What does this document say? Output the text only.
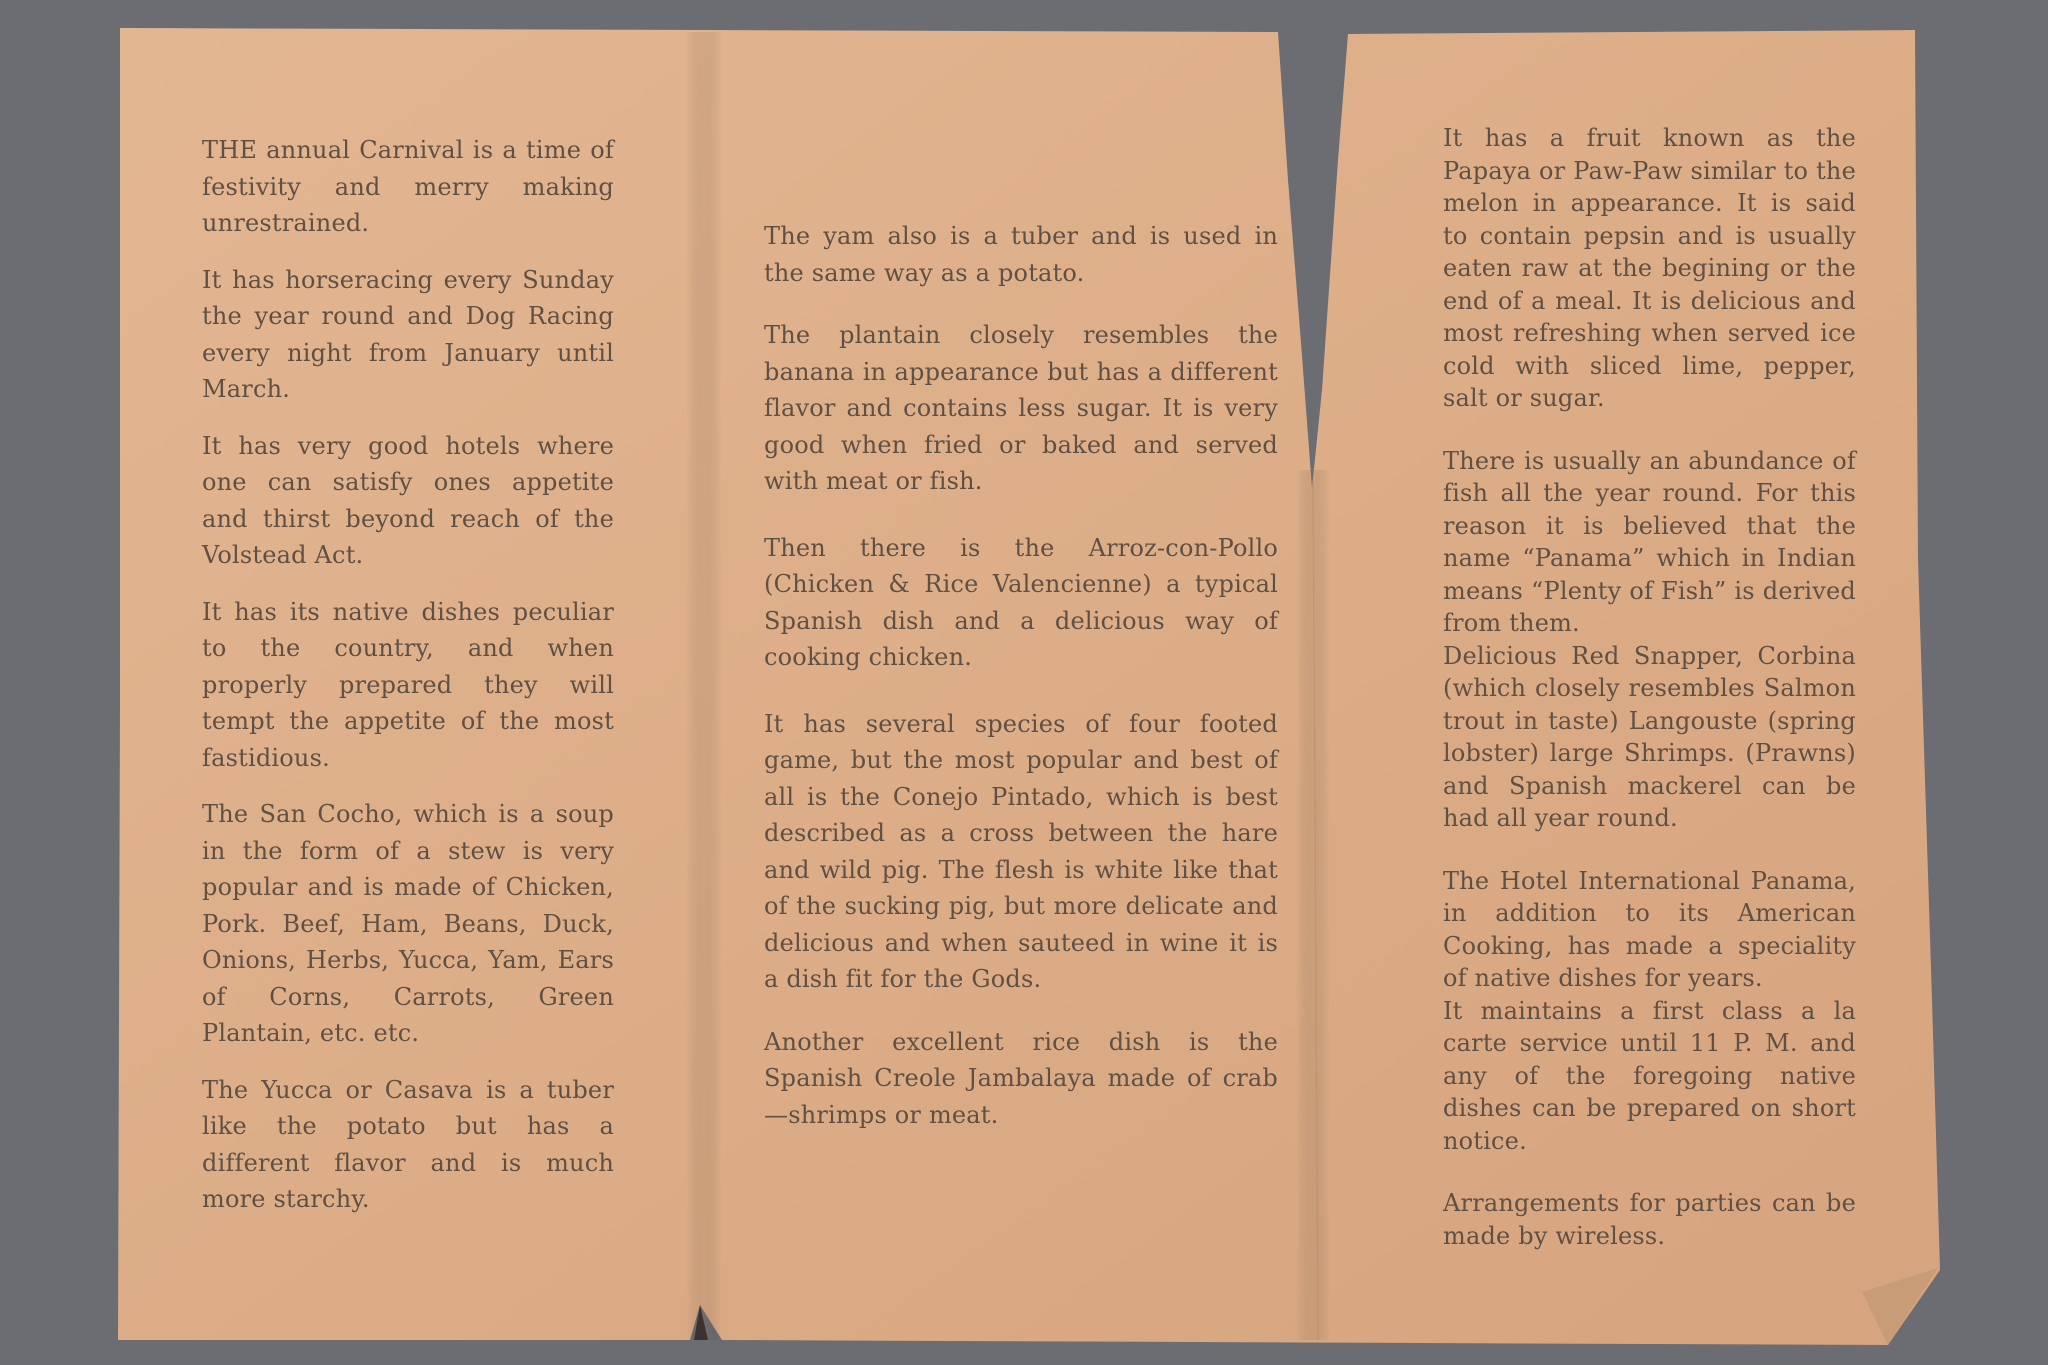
THE annual Carnival is a time of festivity and merry making unrestrained.

It has horseracing every Sunday the year round and Dog Racing every night from January until March.

It has very good hotels where one can satisfy ones appetite and thirst beyond reach of the Volstead Act.

It has its native dishes peculiar to the country, and when properly prepared they will tempt the appetite of the most fastidious.

The San Cocho, which is a soup in the form of a stew is very popular and is made of Chicken, Pork. Beef, Ham, Beans, Duck, Onions, Herbs, Yucca, Yam, Ears of Corns, Carrots, Green Plantain, etc. etc.

The Yucca or Casava is a tuber like the potato but has a different flavor and is much more starchy.

The yam also is a tuber and is used in the same way as a potato.

The plantain closely resembles the banana in appearance but has a different flavor and contains less sugar. It is very good when fried or baked and served with meat or fish.

Then there is the Arroz-con-Pollo (Chicken & Rice Valencienne) a typical Spanish dish and a delicious way of cooking chicken.

It has several species of four footed game, but the most popular and best of all is the Conejo Pintado, which is best described as a cross between the hare and wild pig. The flesh is white like that of the sucking pig, but more delicate and delicious and when sauteed in wine it is a dish fit for the Gods.

Another excellent rice dish is the Spanish Creole Jambalaya made of crab—shrimps or meat.

It has a fruit known as the Papaya or Paw-Paw similar to the melon in appearance. It is said to contain pepsin and is usually eaten raw at the begining or the end of a meal. It is delicious and most refreshing when served ice cold with sliced lime, pepper, salt or sugar.

There is usually an abundance of fish all the year round. For this reason it is believed that the name “Panama” which in Indian means “Plenty of Fish” is derived from them.

Delicious Red Snapper, Corbina (which closely resembles Salmon trout in taste) Langouste (spring lobster) large Shrimps. (Prawns) and Spanish mackerel can be had all year round.

The Hotel International Panama, in addition to its American Cooking, has made a speciality of native dishes for years.

It maintains a first class a la carte service until 11 P. M. and any of the foregoing native dishes can be prepared on short notice.

Arrangements for parties can be made by wireless.
